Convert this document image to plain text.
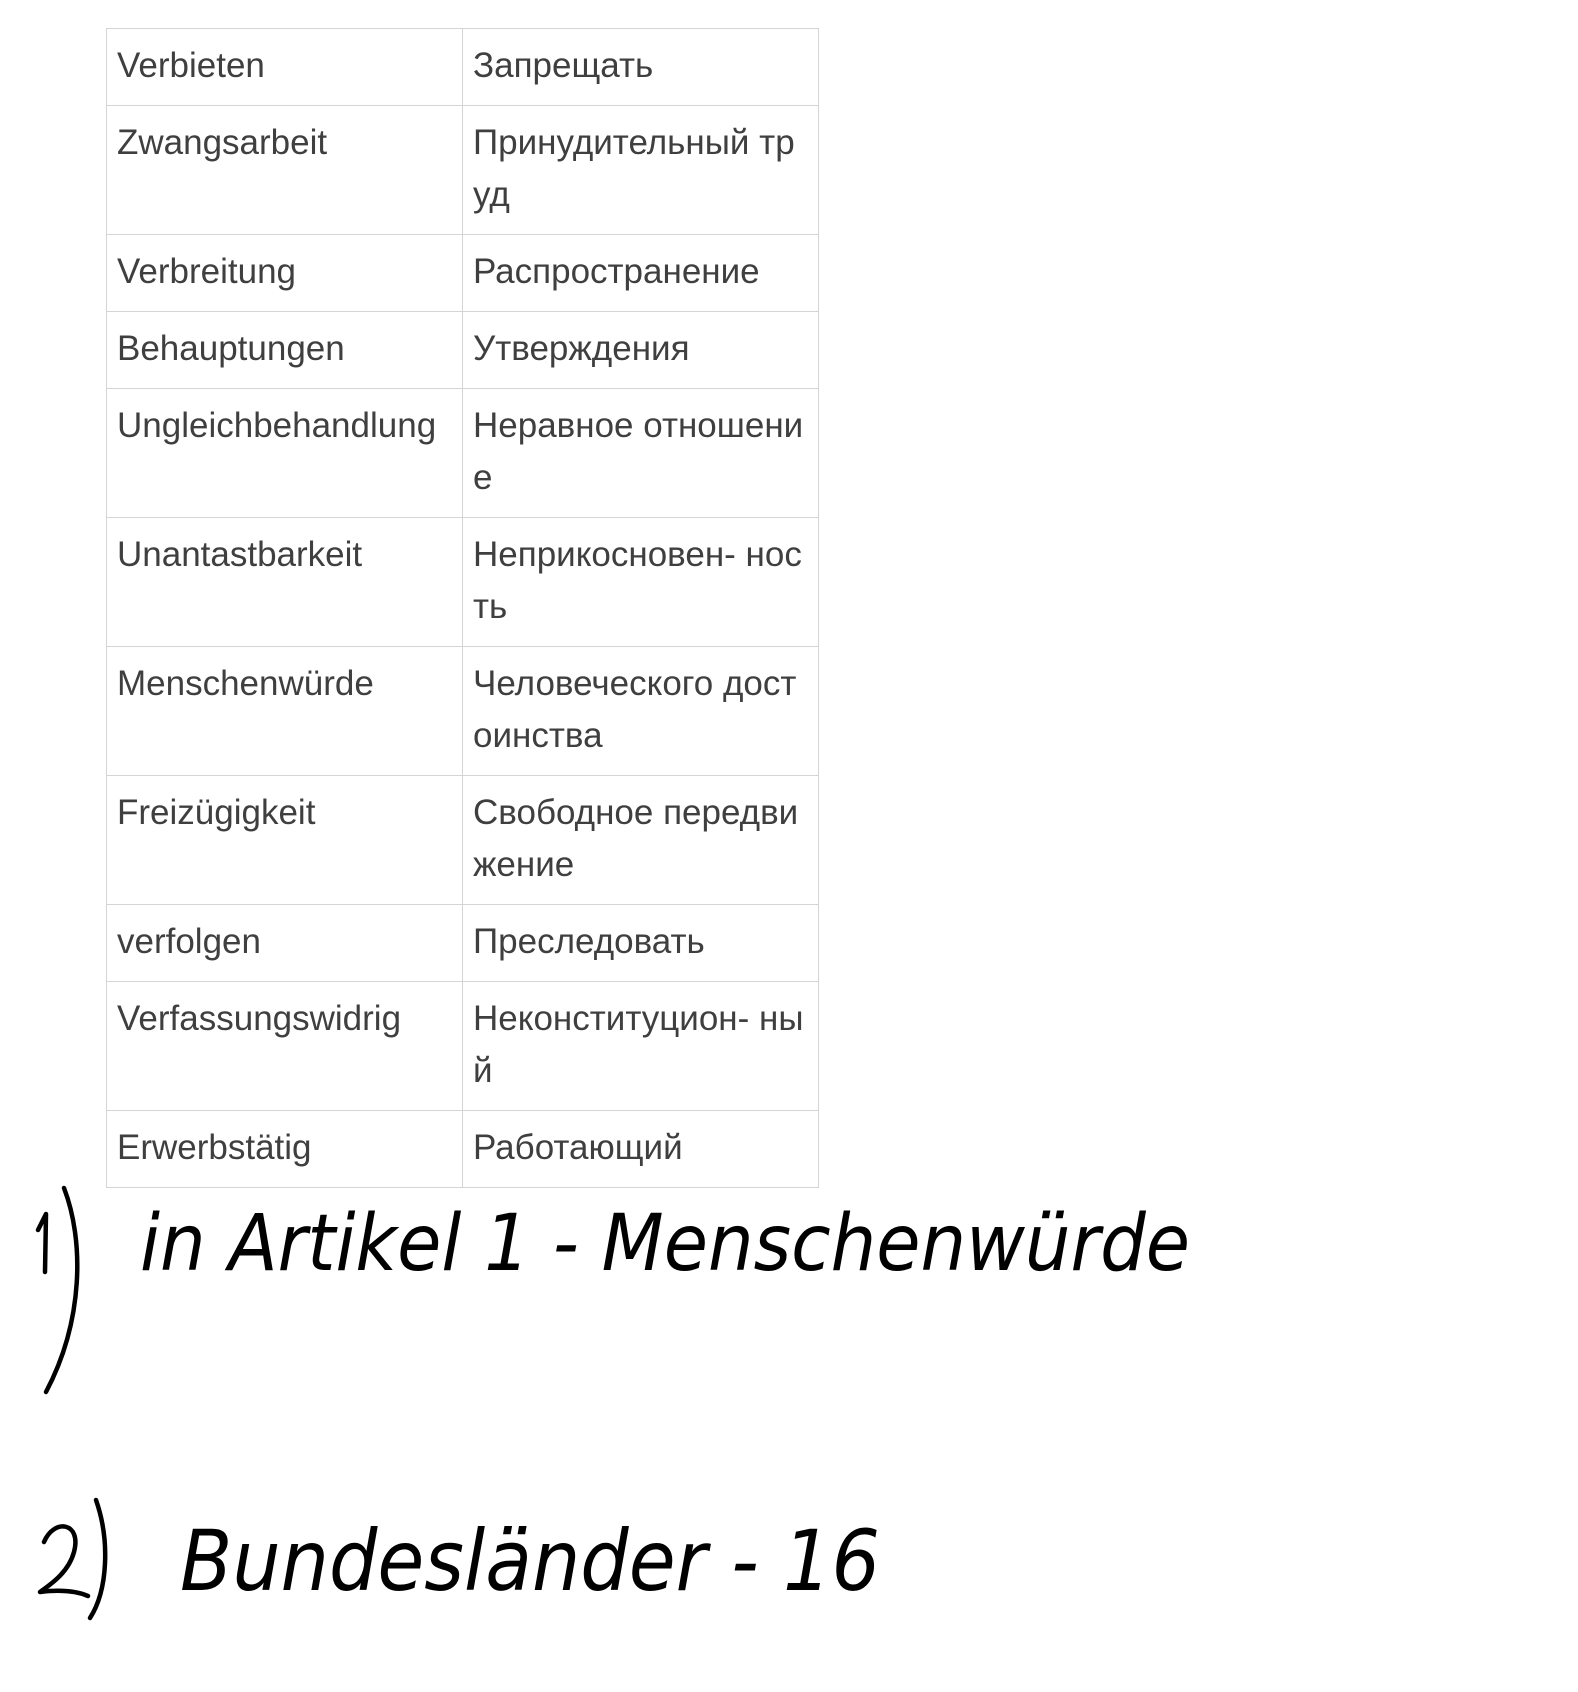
Verbieten	Запрещать
Zwangsarbeit	Принудительный труд
Verbreitung	Распространение
Behauptungen	Утверждения
Ungleichbehandlung	Неравное отношение
Unantastbarkeit	Неприкосновен- ность
Menschenwürde	Человеческого достоинства
Freizügigkeit	Свободное передвижение
verfolgen	Преследовать
Verfassungswidrig	Неконституцион- ный
Erwerbstätig	Работающий
1) in Artikel 1 - Menschenwürde
2) Bundesländer - 16
